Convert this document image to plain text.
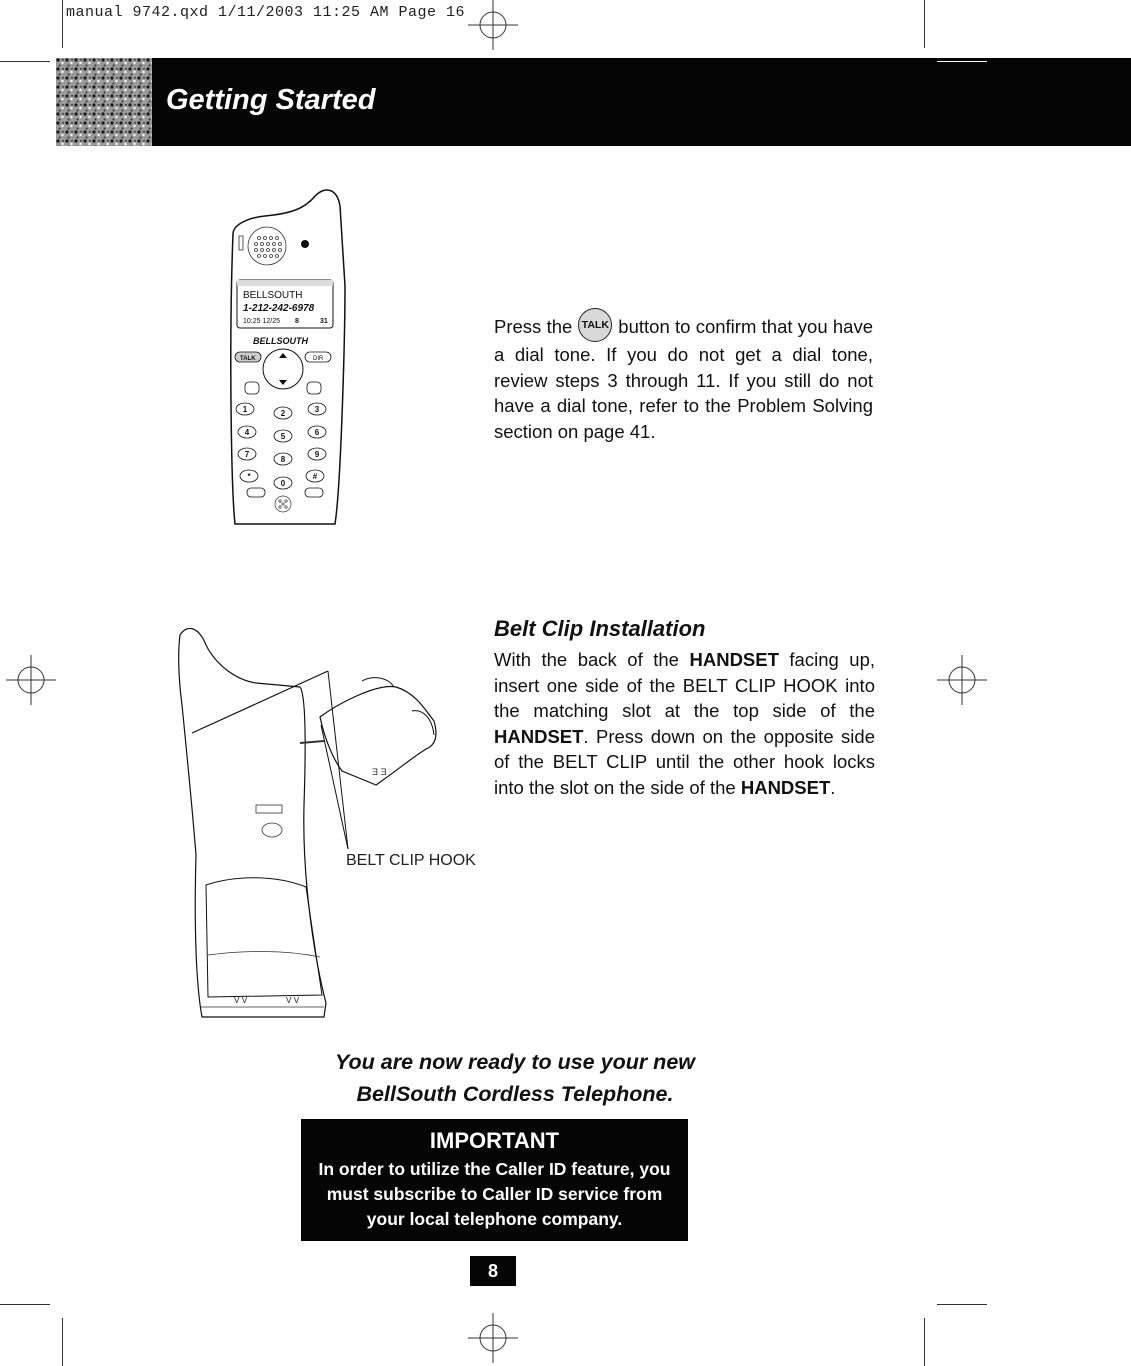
manual 9742.qxd 1/11/2003 11:25 AM Page 16
Getting Started
BELLSOUTH
1-212-242-6978
10:25 12/25 8	31
BELLSOUTH
TALK	DIR
1	2	3
4	5	6
7
8
9
*
0
#
Press the TALK button to confirm that you have a dial tone. If you do not get a dial tone, review steps 3 through 11. If you still do not have a dial tone, refer to the Problem Solving section on page 41.
Ⅴ Ⅴ	Ⅴ Ⅴ
Ǝ Ǝ
BELT CLIP HOOK
Belt Clip Installation
With the back of the HANDSET facing up, insert one side of the BELT CLIP HOOK into the matching slot at the top side of the HANDSET. Press down on the opposite side of the BELT CLIP until the other hook locks into the slot on the side of the HANDSET.
You are now ready to use your new
BellSouth Cordless Telephone.
IMPORTANT
In order to utilize the Caller ID feature, you must subscribe to Caller ID service from your local telephone company.
8
